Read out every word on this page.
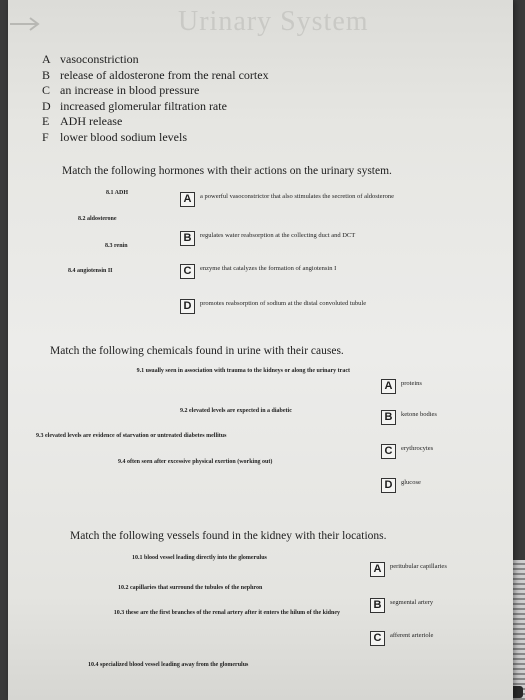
Urinary System
A vasoconstriction
B release of aldosterone from the renal cortex
C an increase in blood pressure
D increased glomerular filtration rate
E ADH release
F lower blood sodium levels
Match the following hormones with their actions on the urinary system.
8.1 ADH
8.2 aldosterone
8.3 renin
8.4 angiotensin II
A	a powerful vasoconstrictor that also stimulates the secretion of aldosterone
B	regulates water reabsorption at the collecting duct and DCT
C	enzyme that catalyzes the formation of angiotensin I
D	promotes reabsorption of sodium at the distal convoluted tubule
Match the following chemicals found in urine with their causes.
9.1 usually seen in association with trauma to the kidneys or along the urinary tract
9.2 elevated levels are expected in a diabetic
9.3 elevated levels are evidence of starvation or untreated diabetes mellitus
9.4 often seen after excessive physical exertion (working out)
A	proteins
B	ketone bodies
C	erythrocytes
D	glucose
Match the following vessels found in the kidney with their locations.
10.1 blood vessel leading directly into the glomerulus
10.2 capillaries that surround the tubules of the nephron
10.3 these are the first branches of the renal artery after it enters the hilum of the kidney
10.4 specialized blood vessel leading away from the glomerulus
A	peritubular capillaries
B	segmental artery
C	afferent arteriole
